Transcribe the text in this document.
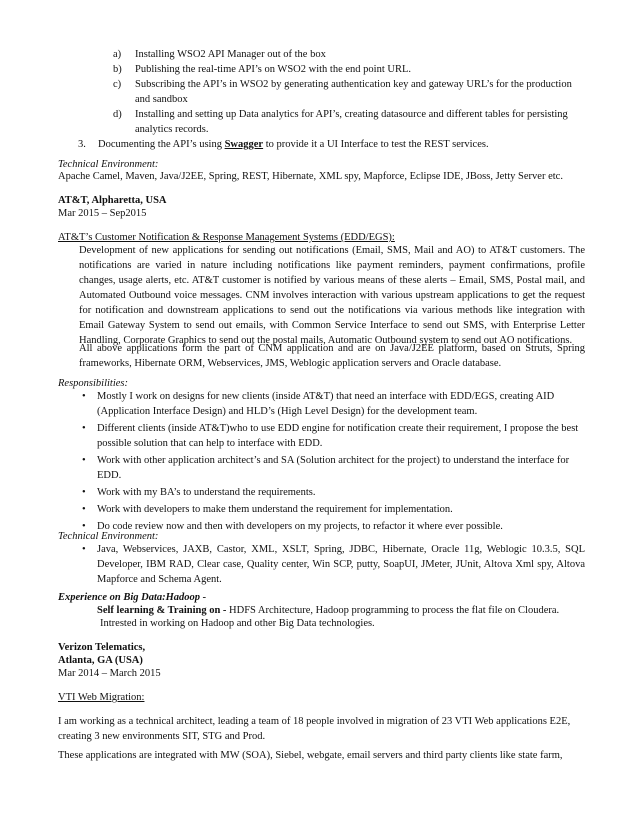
a) Installing WSO2 API Manager out of the box
b) Publishing the real-time API’s on WSO2 with the end point URL.
c) Subscribing the API’s in WSO2 by generating authentication key and gateway URL’s for the production and sandbox
d) Installing and setting up Data analytics for API’s, creating datasource and different tables for persisting analytics records.
3. Documenting the API’s using Swagger to provide it a UI Interface to test the REST services.
Technical Environment:
Apache Camel, Maven, Java/J2EE, Spring, REST, Hibernate, XML spy, Mapforce, Eclipse IDE, JBoss, Jetty Server etc.
AT&T, Alpharetta, USA
Mar 2015 – Sep2015
AT&T’s Customer Notification & Response Management Systems (EDD/EGS):
Development of new applications for sending out notifications (Email, SMS, Mail and AO) to AT&T customers. The notifications are varied in nature including notifications like payment reminders, payment confirmations, profile changes, usage alerts, etc. AT&T customer is notified by various means of these alerts – Email, SMS, Postal mail, and Automated Outbound voice messages. CNM involves interaction with various upstream applications to get the request for notification and downstream applications to send out the notifications via various methods like integration with Email Gateway System to send out emails, with Common Service Interface to send out SMS, with Enterprise Letter Handling, Corporate Graphics to send out the postal mails, Automatic Outbound system to send out AO notifications.
All above applications form the part of CNM application and are on Java/J2EE platform, based on Struts, Spring frameworks, Hibernate ORM, Webservices, JMS, Weblogic application servers and Oracle database.
Responsibilities:
• Mostly I work on designs for new clients (inside AT&T) that need an interface with EDD/EGS, creating AID (Application Interface Design) and HLD’s (High Level Design) for the development team.
• Different clients (inside AT&T)who to use EDD engine for notification create their requirement, I propose the best possible solution that can help to interface with EDD.
• Work with other application architect’s and SA (Solution architect for the project) to understand the interface for EDD.
• Work with my BA’s to understand the requirements.
• Work with developers to make them understand the requirement for implementation.
• Do code review now and then with developers on my projects, to refactor it where ever possible.
Technical Environment:
• Java, Webservices, JAXB, Castor, XML, XSLT, Spring, JDBC, Hibernate, Oracle 11g, Weblogic 10.3.5, SQL Developer, IBM RAD, Clear case, Quality center, Win SCP, putty, SoapUI, JMeter, JUnit, Altova Xml spy, Altova Mapforce and Schema Agent.
Experience on Big Data:Hadoop -
Self learning & Training on - HDFS Architecture, Hadoop programming to process the flat file on Cloudera.
Intrested in working on Hadoop and other Big Data technologies.
Verizon Telematics,
Atlanta, GA (USA)
Mar 2014 – March 2015
VTI Web Migration:
I am working as a technical architect, leading a team of 18 people involved in migration of 23 VTI Web applications E2E, creating 3 new environments SIT, STG and Prod.
These applications are integrated with MW (SOA), Siebel, webgate, email servers and third party clients like state farm,
